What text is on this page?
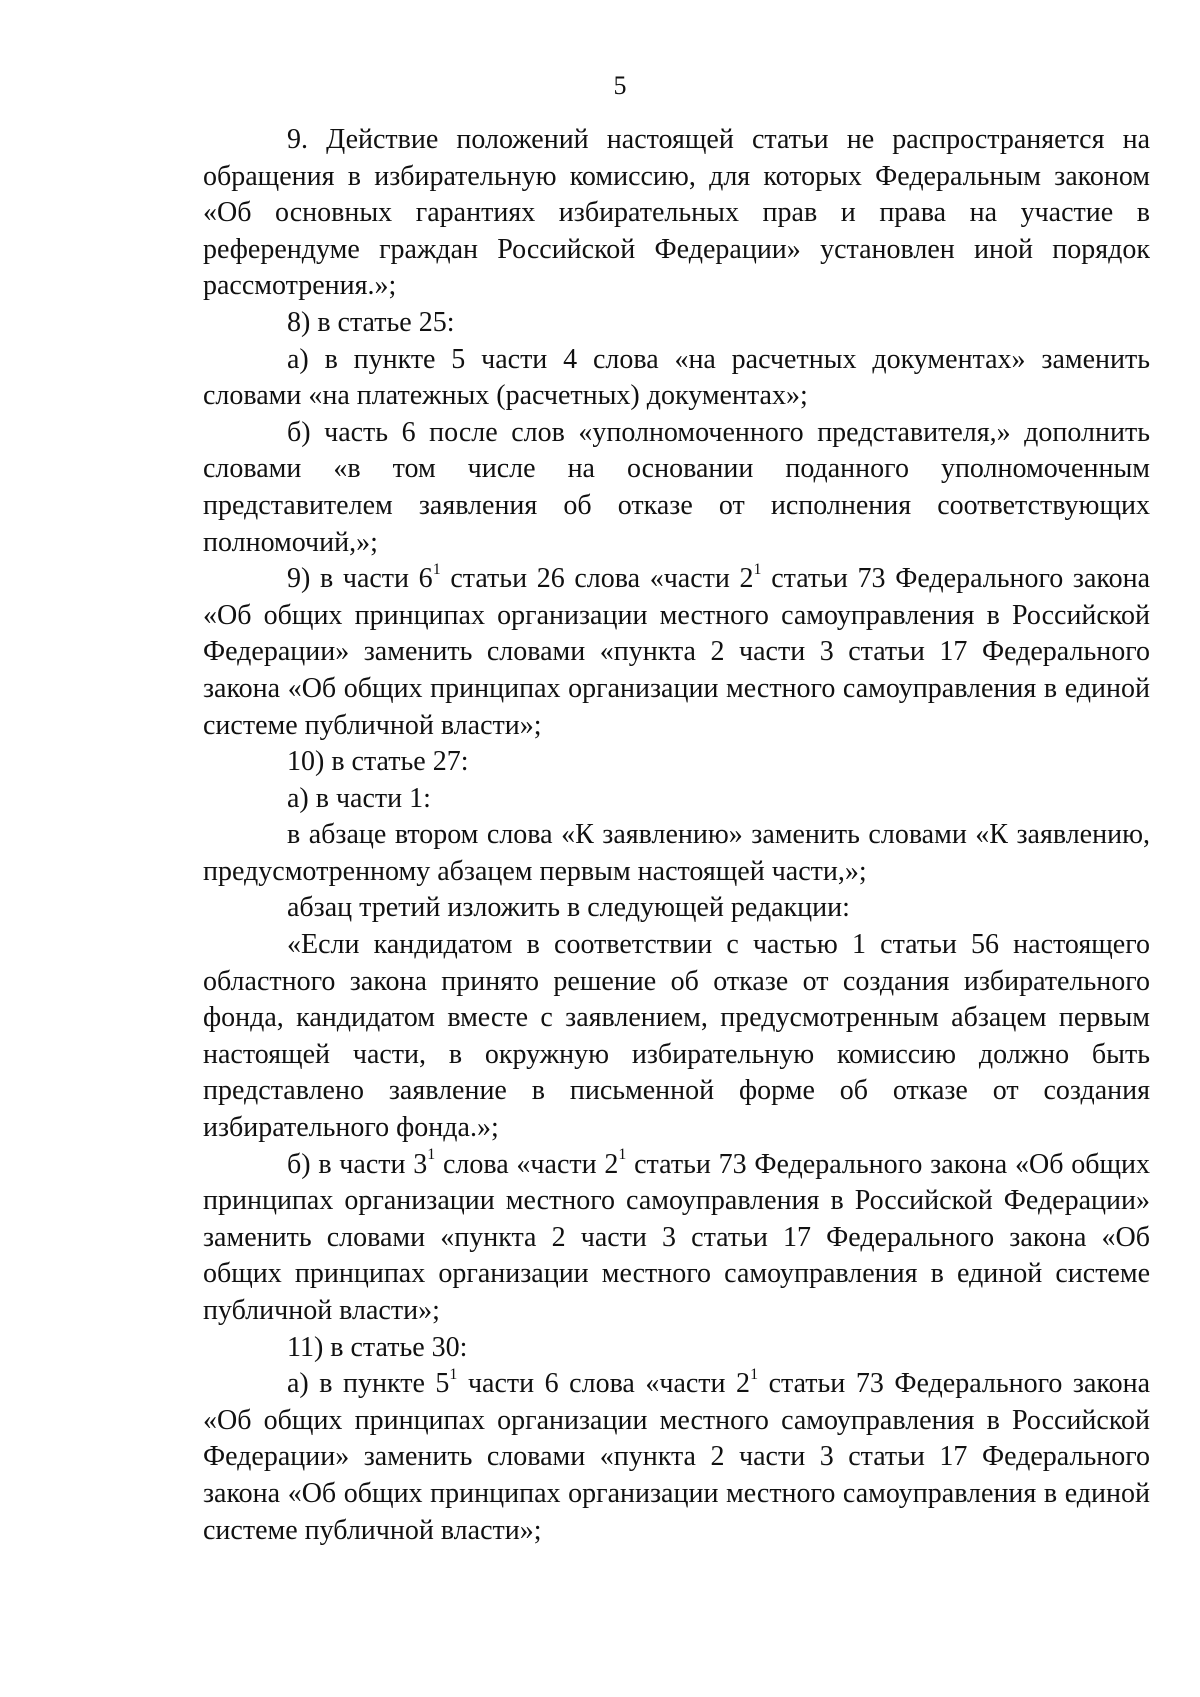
5

9. Действие положений настоящей статьи не распространяется на обращения в избирательную комиссию, для которых Федеральным законом «Об основных гарантиях избирательных прав и права на участие в референдуме граждан Российской Федерации» установлен иной порядок рассмотрения.»;

8) в статье 25:

а) в пункте 5 части 4 слова «на расчетных документах» заменить словами «на платежных (расчетных) документах»;

б) часть 6 после слов «уполномоченного представителя,» дополнить словами «в том числе на основании поданного уполномоченным представителем заявления об отказе от исполнения соответствующих полномочий,»;

9) в части $6^1$ статьи 26 слова «части $2^1$ статьи 73 Федерального закона «Об общих принципах организации местного самоуправления в Российской Федерации» заменить словами «пункта 2 части 3 статьи 17 Федерального закона «Об общих принципах организации местного самоуправления в единой системе публичной власти»;

10) в статье 27:

а) в части 1:

в абзаце втором слова «К заявлению» заменить словами «К заявлению, предусмотренному абзацем первым настоящей части,»;

абзац третий изложить в следующей редакции:

«Если кандидатом в соответствии с частью 1 статьи 56 настоящего областного закона принято решение об отказе от создания избирательного фонда, кандидатом вместе с заявлением, предусмотренным абзацем первым настоящей части, в окружную избирательную комиссию должно быть представлено заявление в письменной форме об отказе от создания избирательного фонда.»;

б) в части $3^1$ слова «части $2^1$ статьи 73 Федерального закона «Об общих принципах организации местного самоуправления в Российской Федерации» заменить словами «пункта 2 части 3 статьи 17 Федерального закона «Об общих принципах организации местного самоуправления в единой системе публичной власти»;

11) в статье 30:

а) в пункте $5^1$ части 6 слова «части $2^1$ статьи 73 Федерального закона «Об общих принципах организации местного самоуправления в Российской Федерации» заменить словами «пункта 2 части 3 статьи 17 Федерального закона «Об общих принципах организации местного самоуправления в единой системе публичной власти»;
